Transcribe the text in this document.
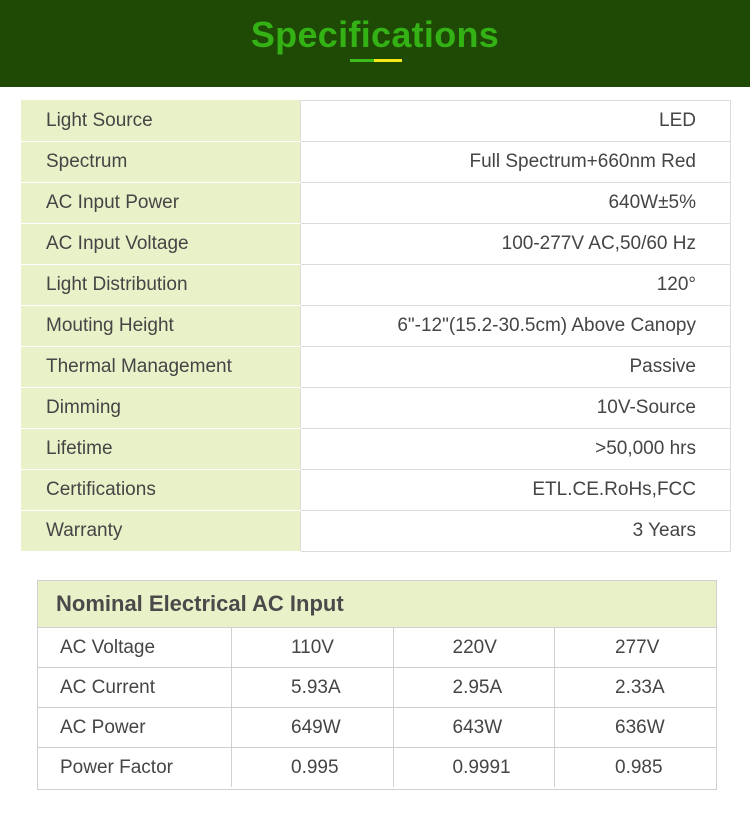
Specifications
Light Source	LED
Spectrum	Full Spectrum+660nm Red
AC Input Power	640W±5%
AC Input Voltage	100-277V AC,50/60 Hz
Light Distribution	120°
Mouting Height	6"-12"(15.2-30.5cm) Above Canopy
Thermal Management	Passive
Dimming	10V-Source
Lifetime	>50,000 hrs
Certifications	ETL.CE.RoHs,FCC
Warranty	3 Years
Nominal Electrical AC Input
AC Voltage	110V	220V	277V
AC Current	5.93A	2.95A	2.33A
AC Power	649W	643W	636W
Power Factor	0.995	0.9991	0.985
